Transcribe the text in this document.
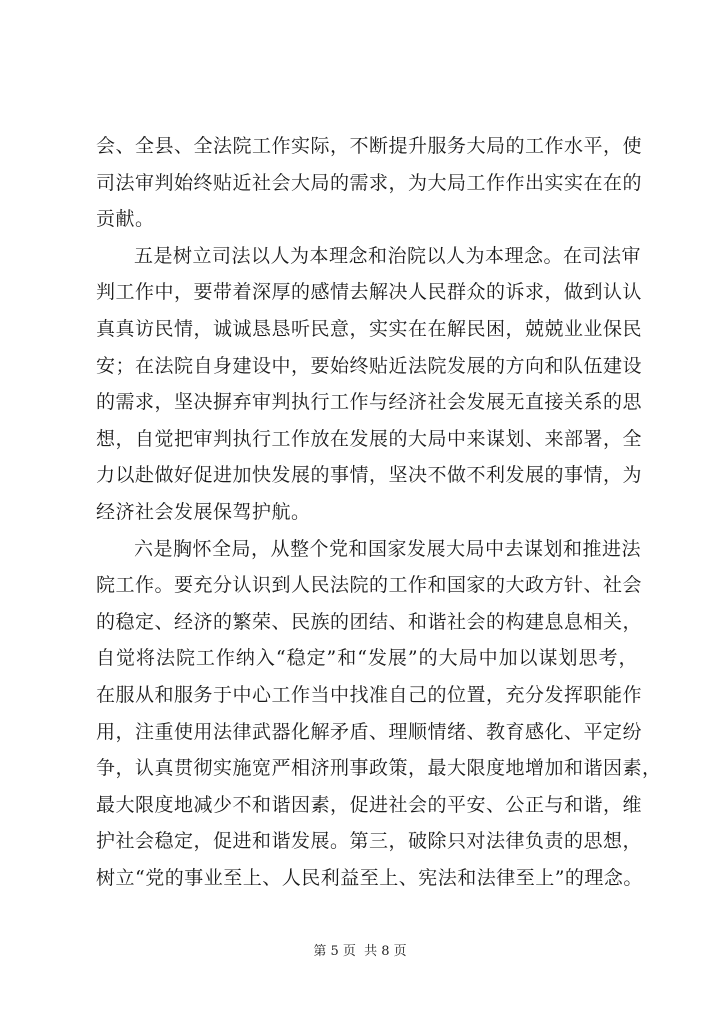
会、全县、全法院工作实际，不断提升服务大局的工作水平，使
司法审判始终贴近社会大局的需求，为大局工作作出实实在在的
贡献。
五是树立司法以人为本理念和治院以人为本理念。在司法审
判工作中，要带着深厚的感情去解决人民群众的诉求，做到认认
真真访民情，诚诚恳恳听民意，实实在在解民困，兢兢业业保民
安；在法院自身建设中，要始终贴近法院发展的方向和队伍建设
的需求，坚决摒弃审判执行工作与经济社会发展无直接关系的思
想，自觉把审判执行工作放在发展的大局中来谋划、来部署，全
力以赴做好促进加快发展的事情，坚决不做不利发展的事情，为
经济社会发展保驾护航。
六是胸怀全局，从整个党和国家发展大局中去谋划和推进法
院工作。要充分认识到人民法院的工作和国家的大政方针、社会
的稳定、经济的繁荣、民族的团结、和谐社会的构建息息相关，
自觉将法院工作纳入“稳定”和“发展”的大局中加以谋划思考，
在服从和服务于中心工作当中找准自己的位置，充分发挥职能作
用，注重使用法律武器化解矛盾、理顺情绪、教育感化、平定纷
争，认真贯彻实施宽严相济刑事政策，最大限度地增加和谐因素，
最大限度地减少不和谐因素，促进社会的平安、公正与和谐，维
护社会稳定，促进和谐发展。第三，破除只对法律负责的思想，
树立“党的事业至上、人民利益至上、宪法和法律至上”的理念。
第 5 页 共 8 页
